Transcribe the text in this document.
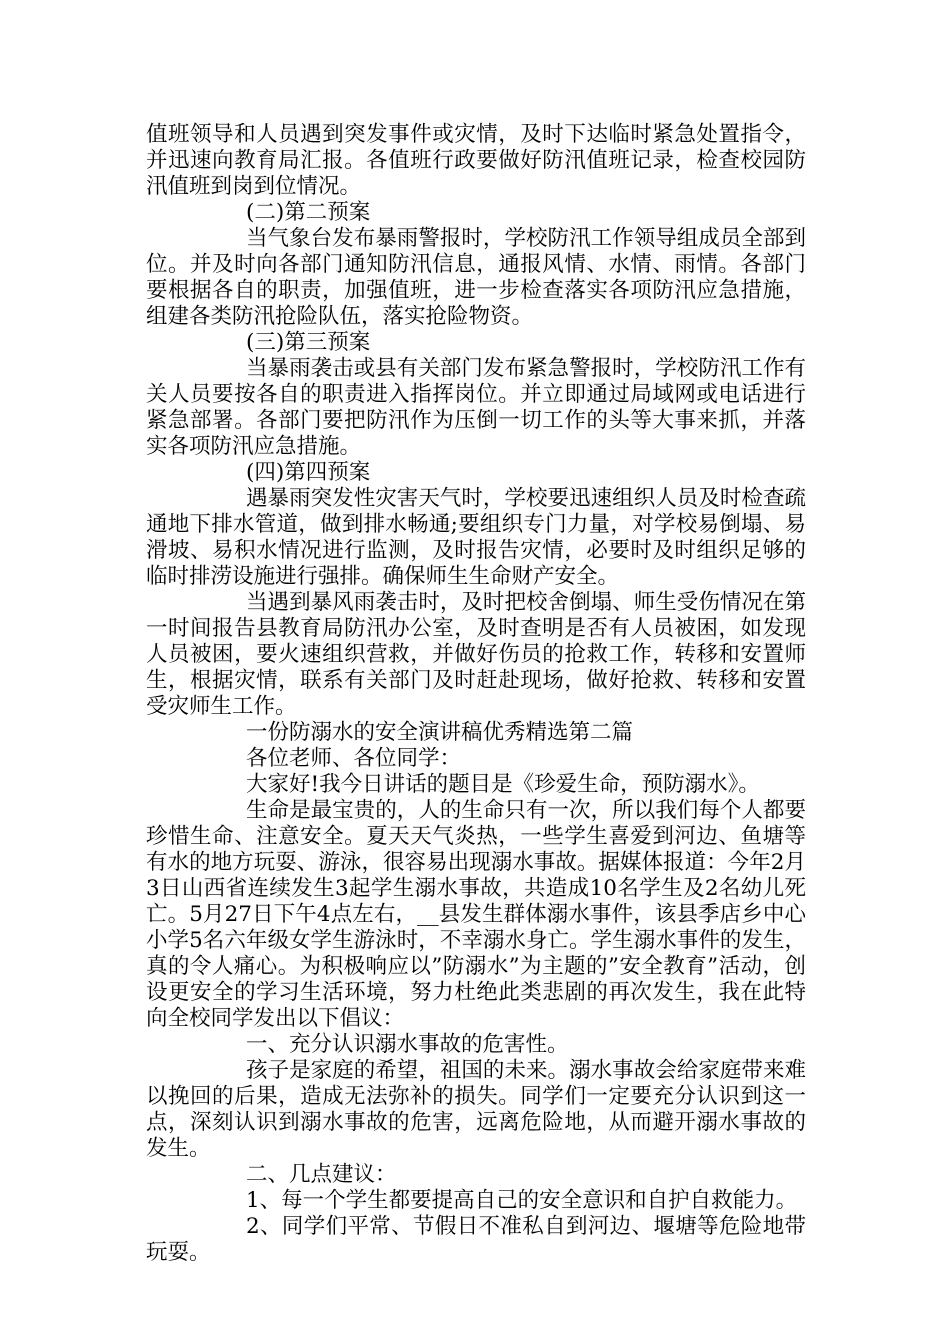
值班领导和人员遇到突发事件或灾情，及时下达临时紧急处置指令，并迅速向教育局汇报。各值班行政要做好防汛值班记录，检查校园防汛值班到岗到位情况。

(二)第二预案

当气象台发布暴雨警报时，学校防汛工作领导组成员全部到位。并及时向各部门通知防汛信息，通报风情、水情、雨情。各部门要根据各自的职责，加强值班，进一步检查落实各项防汛应急措施，组建各类防汛抢险队伍，落实抢险物资。

(三)第三预案

当暴雨袭击或县有关部门发布紧急警报时，学校防汛工作有关人员要按各自的职责进入指挥岗位。并立即通过局域网或电话进行紧急部署。各部门要把防汛作为压倒一切工作的头等大事来抓，并落实各项防汛应急措施。

(四)第四预案

遇暴雨突发性灾害天气时，学校要迅速组织人员及时检查疏通地下排水管道，做到排水畅通;要组织专门力量，对学校易倒塌、易滑坡、易积水情况进行监测，及时报告灾情，必要时及时组织足够的临时排涝设施进行强排。确保师生生命财产安全。

当遇到暴风雨袭击时，及时把校舍倒塌、师生受伤情况在第一时间报告县教育局防汛办公室，及时查明是否有人员被困，如发现人员被困，要火速组织营救，并做好伤员的抢救工作，转移和安置师生，根据灾情，联系有关部门及时赶赴现场，做好抢救、转移和安置受灾师生工作。

一份防溺水的安全演讲稿优秀精选第二篇

各位老师、各位同学：

大家好!我今日讲话的题目是《珍爱生命，预防溺水》。

生命是最宝贵的，人的生命只有一次，所以我们每个人都要珍惜生命、注意安全。夏天天气炎热，一些学生喜爱到河边、鱼塘等有水的地方玩耍、游泳，很容易出现溺水事故。据媒体报道：今年2月3日山西省连续发生3起学生溺水事故，共造成10名学生及2名幼儿死亡。5月27日下午4点左右，__县发生群体溺水事件，该县季店乡中心小学5名六年级女学生游泳时，不幸溺水身亡。学生溺水事件的发生，真的令人痛心。为积极响应以”防溺水”为主题的”安全教育”活动，创设更安全的学习生活环境，努力杜绝此类悲剧的再次发生，我在此特向全校同学发出以下倡议：

一、充分认识溺水事故的危害性。

孩子是家庭的希望，祖国的未来。溺水事故会给家庭带来难以挽回的后果，造成无法弥补的损失。同学们一定要充分认识到这一点，深刻认识到溺水事故的危害，远离危险地，从而避开溺水事故的发生。

二、几点建议：

1、每一个学生都要提高自己的安全意识和自护自救能力。

2、同学们平常、节假日不准私自到河边、堰塘等危险地带玩耍。
